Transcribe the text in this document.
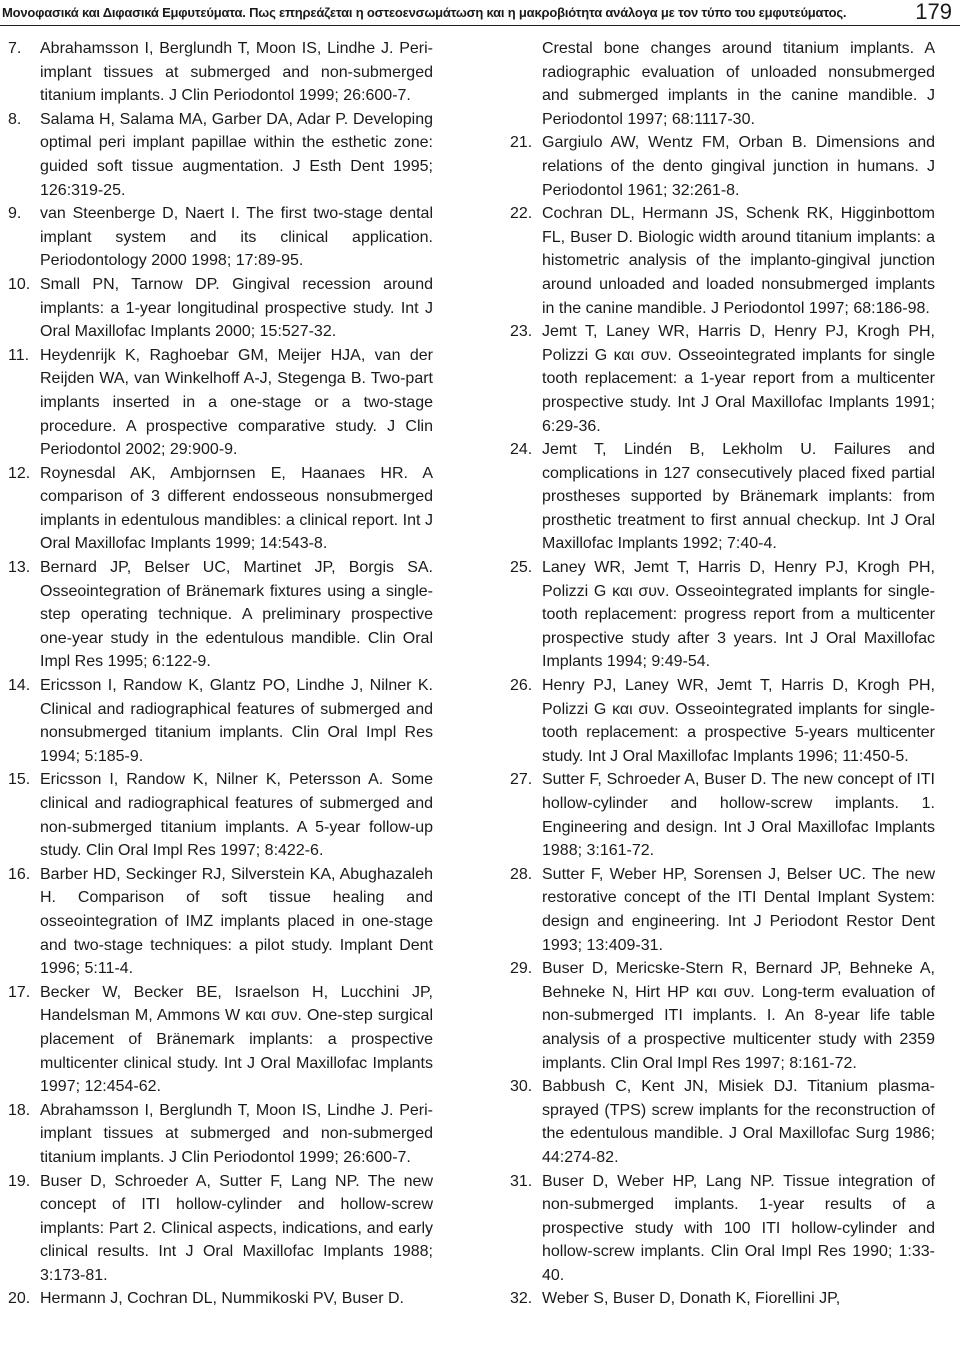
Μονοφασικά και Διφασικά Εμφυτεύματα. Πως επηρεάζεται η οστεοενσωμάτωση και η μακροβιότητα ανάλογα με τον τύπο του εμφυτεύματος.	179
7.	Abrahamsson I, Berglundh T, Moon IS, Lindhe J. Peri-implant tissues at submerged and non-submerged titanium implants. J Clin Periodontol 1999; 26:600-7.
8.	Salama H, Salama MA, Garber DA, Adar P. Developing optimal peri implant papillae within the esthetic zone: guided soft tissue augmentation. J Esth Dent 1995; 126:319-25.
9.	van Steenberge D, Naert I. The first two-stage dental implant system and its clinical application. Periodontology 2000 1998; 17:89-95.
10. Small PN, Tarnow DP. Gingival recession around implants: a 1-year longitudinal prospective study. Int J Oral Maxillofac Implants 2000; 15:527-32.
11. Heydenrijk K, Raghoebar GM, Meijer HJA, van der Reijden WA, van Winkelhoff A-J, Stegenga B. Two-part implants inserted in a one-stage or a two-stage procedure. A prospective comparative study. J Clin Periodontol 2002; 29:900-9.
12. Roynesdal AK, Ambjornsen E, Haanaes HR. A comparison of 3 different endosseous nonsubmerged implants in edentulous mandibles: a clinical report. Int J Oral Maxillofac Implants 1999; 14:543-8.
13. Bernard JP, Belser UC, Martinet JP, Borgis SA. Osseointegration of Bränemark fixtures using a single-step operating technique. A preliminary prospective one-year study in the edentulous mandible. Clin Oral Impl Res 1995; 6:122-9.
14. Ericsson I, Randow K, Glantz PO, Lindhe J, Nilner K. Clinical and radiographical features of submerged and nonsubmerged titanium implants. Clin Oral Impl Res 1994; 5:185-9.
15. Ericsson I, Randow K, Nilner K, Petersson A. Some clinical and radiographical features of submerged and non-submerged titanium implants. A 5-year follow-up study. Clin Oral Impl Res 1997; 8:422-6.
16. Barber HD, Seckinger RJ, Silverstein KA, Abughazaleh H. Comparison of soft tissue healing and osseointegration of IMZ implants placed in one-stage and two-stage techniques: a pilot study. Implant Dent 1996; 5:11-4.
17. Becker W, Becker BE, Israelson H, Lucchini JP, Handelsman M, Ammons W και συν. One-step surgical placement of Bränemark implants: a prospective multicenter clinical study. Int J Oral Maxillofac Implants 1997; 12:454-62.
18. Abrahamsson I, Berglundh T, Moon IS, Lindhe J. Peri-implant tissues at submerged and non-submerged titanium implants. J Clin Periodontol 1999; 26:600-7.
19. Buser D, Schroeder A, Sutter F, Lang NP. The new concept of ITI hollow-cylinder and hollow-screw implants: Part 2. Clinical aspects, indications, and early clinical results. Int J Oral Maxillofac Implants 1988; 3:173-81.
20. Hermann J, Cochran DL, Nummikoski PV, Buser D.
Crestal bone changes around titanium implants. A radiographic evaluation of unloaded nonsubmerged and submerged implants in the canine mandible. J Periodontol 1997; 68:1117-30.
21. Gargiulo AW, Wentz FM, Orban B. Dimensions and relations of the dento gingival junction in humans. J Periodontol 1961; 32:261-8.
22. Cochran DL, Hermann JS, Schenk RK, Higginbottom FL, Buser D. Biologic width around titanium implants: a histometric analysis of the implanto-gingival junction around unloaded and loaded nonsubmerged implants in the canine mandible. J Periodontol 1997; 68:186-98.
23. Jemt T, Laney WR, Harris D, Henry PJ, Krogh PH, Polizzi G και συν. Osseointegrated implants for single tooth replacement: a 1-year report from a multicenter prospective study. Int J Oral Maxillofac Implants 1991; 6:29-36.
24. Jemt T, Lindén B, Lekholm U. Failures and complications in 127 consecutively placed fixed partial prostheses supported by Bränemark implants: from prosthetic treatment to first annual checkup. Int J Oral Maxillofac Implants 1992; 7:40-4.
25. Laney WR, Jemt T, Harris D, Henry PJ, Krogh PH, Polizzi G και συν. Osseointegrated implants for single-tooth replacement: progress report from a multicenter prospective study after 3 years. Int J Oral Maxillofac Implants 1994; 9:49-54.
26. Henry PJ, Laney WR, Jemt T, Harris D, Krogh PH, Polizzi G και συν. Osseointegrated implants for single-tooth replacement: a prospective 5-years multicenter study. Int J Oral Maxillofac Implants 1996; 11:450-5.
27. Sutter F, Schroeder A, Buser D. The new concept of ITI hollow-cylinder and hollow-screw implants. 1. Engineering and design. Int J Oral Maxillofac Implants 1988; 3:161-72.
28. Sutter F, Weber HP, Sorensen J, Belser UC. The new restorative concept of the ITI Dental Implant System: design and engineering. Int J Periodont Restor Dent 1993; 13:409-31.
29. Buser D, Mericske-Stern R, Bernard JP, Behneke A, Behneke N, Hirt HP και συν. Long-term evaluation of non-submerged ITI implants. I. An 8-year life table analysis of a prospective multicenter study with 2359 implants. Clin Oral Impl Res 1997; 8:161-72.
30. Babbush C, Kent JN, Misiek DJ. Titanium plasma-sprayed (TPS) screw implants for the reconstruction of the edentulous mandible. J Oral Maxillofac Surg 1986; 44:274-82.
31. Buser D, Weber HP, Lang NP. Tissue integration of non-submerged implants. 1-year results of a prospective study with 100 ITI hollow-cylinder and hollow-screw implants. Clin Oral Impl Res 1990; 1:33-40.
32. Weber S, Buser D, Donath K, Fiorellini JP,
